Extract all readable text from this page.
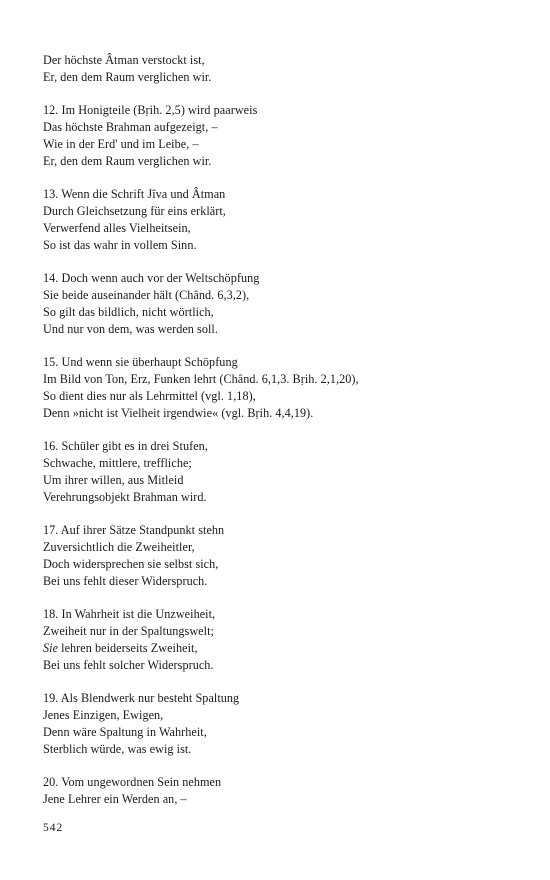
Der höchste Âtman verstockt ist,
Er, den dem Raum verglichen wir.
12. Im Honigteile (Bṛih. 2,5) wird paarweis
Das höchste Brahman aufgezeigt, –
Wie in der Erd' und im Leibe, –
Er, den dem Raum verglichen wir.
13. Wenn die Schrift Jîva und Âtman
Durch Gleichsetzung für eins erklärt,
Verwerfend alles Vielheitsein,
So ist das wahr in vollem Sinn.
14. Doch wenn auch vor der Weltschöpfung
Sie beide auseinander hält (Chând. 6,3,2),
So gilt das bildlich, nicht wörtlich,
Und nur von dem, was werden soll.
15. Und wenn sie überhaupt Schöpfung
Im Bild von Ton, Erz, Funken lehrt (Chând. 6,1,3. Bṛih. 2,1,20),
So dient dies nur als Lehrmittel (vgl. 1,18),
Denn »nicht ist Vielheit irgendwie« (vgl. Bṛih. 4,4,19).
16. Schüler gibt es in drei Stufen,
Schwache, mittlere, treffliche;
Um ihrer willen, aus Mitleid
Verehrungsobjekt Brahman wird.
17. Auf ihrer Sätze Standpunkt stehn
Zuversichtlich die Zweiheitler,
Doch widersprechen sie selbst sich,
Bei uns fehlt dieser Widerspruch.
18. In Wahrheit ist die Unzweiheit,
Zweiheit nur in der Spaltungswelt;
Sie lehren beiderseits Zweiheit,
Bei uns fehlt solcher Widerspruch.
19. Als Blendwerk nur besteht Spaltung
Jenes Einzigen, Ewigen,
Denn wäre Spaltung in Wahrheit,
Sterblich würde, was ewig ist.
20. Vom ungewordnen Sein nehmen
Jene Lehrer ein Werden an, –
542
